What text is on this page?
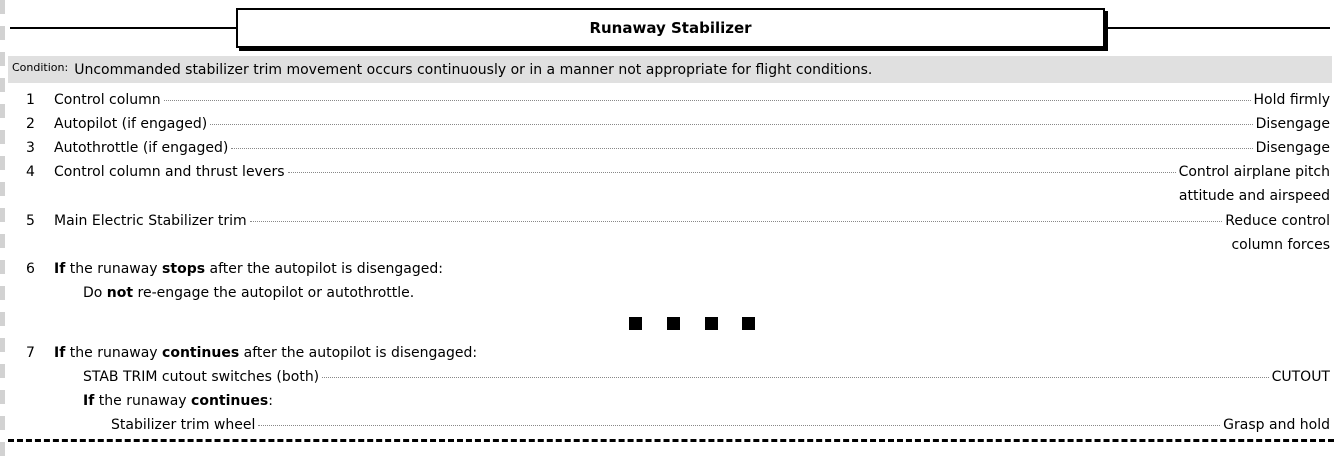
Runaway Stabilizer
Condition: Uncommanded stabilizer trim movement occurs continuously or in a manner not appropriate for flight conditions.
1 Control column	Hold firmly
2 Autopilot (if engaged)	Disengage
3 Autothrottle (if engaged)	Disengage
4 Control column and thrust levers	Control airplane pitch
attitude and airspeed
5 Main Electric Stabilizer trim	Reduce control
column forces
6 If the runaway stops after the autopilot is disengaged:
Do not re-engage the autopilot or autothrottle.
7 If the runaway continues after the autopilot is disengaged:
STAB TRIM cutout switches (both)	CUTOUT
If the runaway continues:
Stabilizer trim wheel	Grasp and hold
